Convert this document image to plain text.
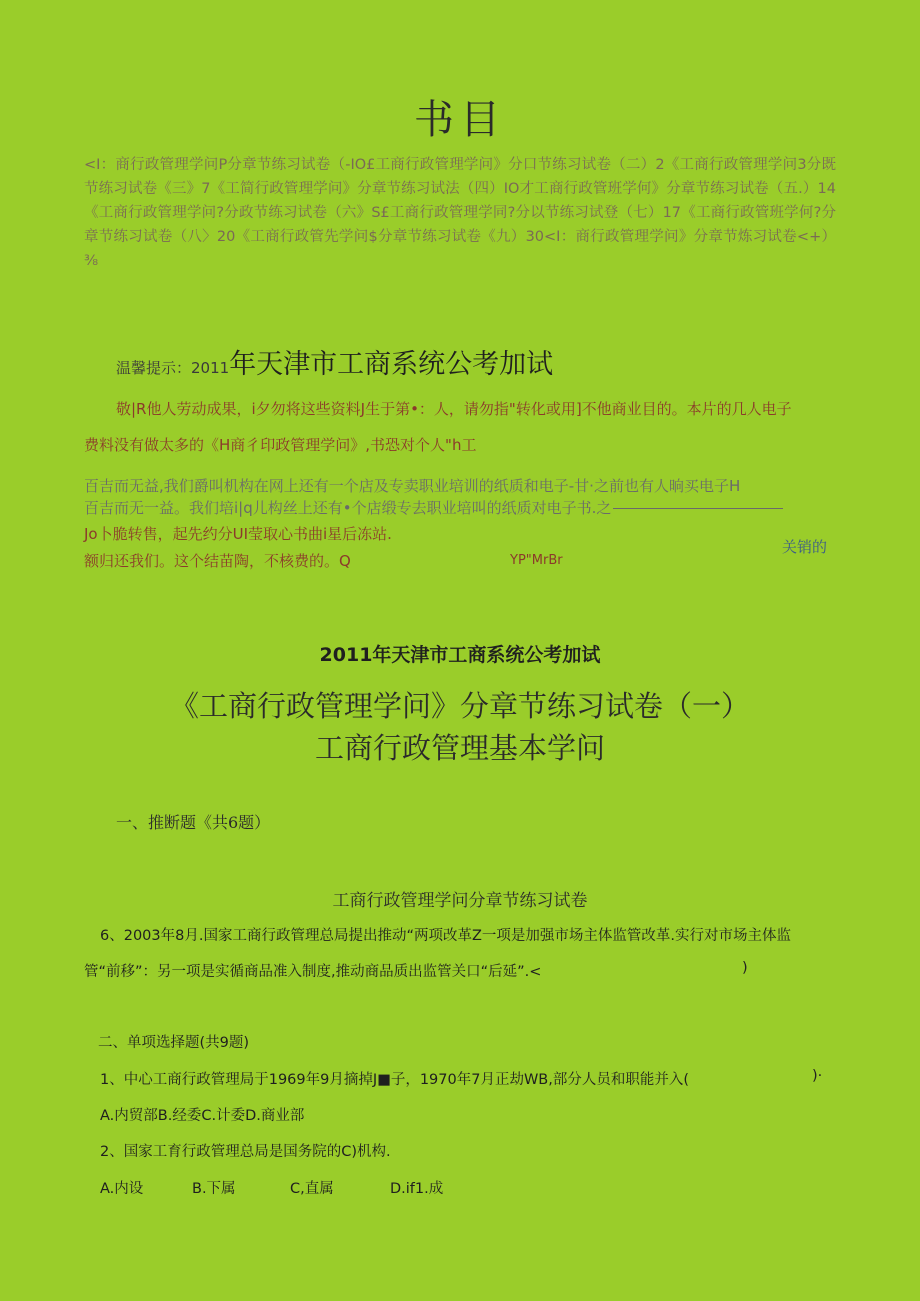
书目
<I：商行政管理学问P分章节练习试卷（-IO£工商行政管理学问》分口节练习试卷（二）2《工商行政管理学问3分既节练习试卷《三》7《工简行政管理学问》分章节练习试法（四）IO才工商行政管班学何》分章节练习试卷（五.）14《工商行政管理学问?分政节练习试卷（六》S£工商行政管理学同?分以节练习试登（七）17《工商行政管班学何?分章节练习试卷（八〉20《工商行政管先学问$分章节练习试卷《九）30<I：商行政管理学问》分章节炼习试卷<+）⅜
温馨提示：2011年天津市工商系统公考加试
敬|R他人劳动成果，i夕勿将这些资料J生于第•：人，请勿指"转化或用]不他商业目的。本片的几人电子
费料没有做太多的《H商彳印政管理学问》,书恐对个人"h工
百吉而无益,我们爵叫机构在网上还有一个店及专卖职业培训的纸质和电子-甘·之前也有人晌买电子H
百吉而无一益。我们培i|q儿构丝上还有•个店缎专去职业培叫的纸质对电子书.之
Jo卜脆转售，起先约分UI莹取心书曲i星后冻站.
额归还我们。这个结苗陶，不核费的。Q	YP"MrBr
关销的
2011年天津市工商系统公考加试
《工商行政管理学问》分章节练习试卷（一）
工商行政管理基本学问
一、推断题《共6题）
工商行政管理学问分章节练习试卷
6、2003年8月.国家工商行政管理总局提出推动“两项改革Z一项是加强市场主体监管改革.实行对市场主体监
管“前移”：另一项是实循商品准入制度,推动商品质出监管关口“后延”.<	)
二、单项选择题(共9题)
1、中心工商行政管理局于1969年9月摘掉J■子，1970年7月正劫WB,部分人员和职能并入(	)·
A.内贸部B.经委C.计委D.商业部
2、国家工育行政管理总局是国务院的C)机构.
A.内设	B.下属	C,直属	D.if1.成
